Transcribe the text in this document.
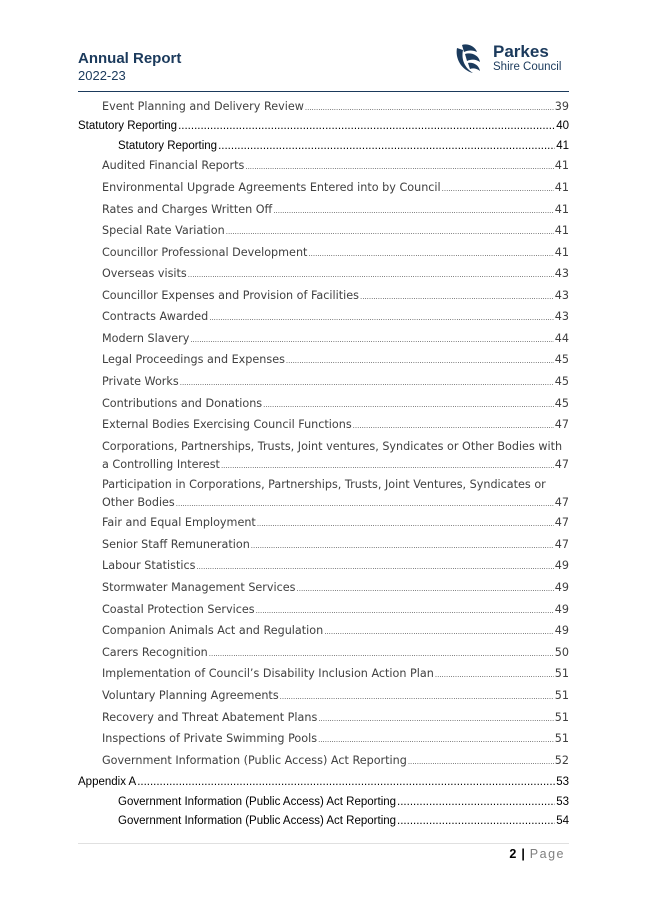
Annual Report
2022-23
Parkes
Shire Council
Event Planning and Delivery Review .....	39
Statutory Reporting .....	40
Statutory Reporting .....	41
Audited Financial Reports .....	41
Environmental Upgrade Agreements Entered into by Council .....	41
Rates and Charges Written Off .....	41
Special Rate Variation .....	41
Councillor Professional Development .....	41
Overseas visits .....	43
Councillor Expenses and Provision of Facilities .....	43
Contracts Awarded .....	43
Modern Slavery .....	44
Legal Proceedings and Expenses .....	45
Private Works .....	45
Contributions and Donations .....	45
External Bodies Exercising Council Functions .....	47
Corporations, Partnerships, Trusts, Joint ventures, Syndicates or Other Bodies with
a Controlling Interest .....	47
Participation in Corporations, Partnerships, Trusts, Joint Ventures, Syndicates or
Other Bodies .....	47
Fair and Equal Employment .....	47
Senior Staff Remuneration .....	47
Labour Statistics .....	49
Stormwater Management Services .....	49
Coastal Protection Services .....	49
Companion Animals Act and Regulation .....	49
Carers Recognition .....	50
Implementation of Council’s Disability Inclusion Action Plan .....	51
Voluntary Planning Agreements .....	51
Recovery and Threat Abatement Plans .....	51
Inspections of Private Swimming Pools .....	51
Government Information (Public Access) Act Reporting .....	52
Appendix A .....	53
Government Information (Public Access) Act Reporting .....	53
Government Information (Public Access) Act Reporting .....	54
2 | Page
